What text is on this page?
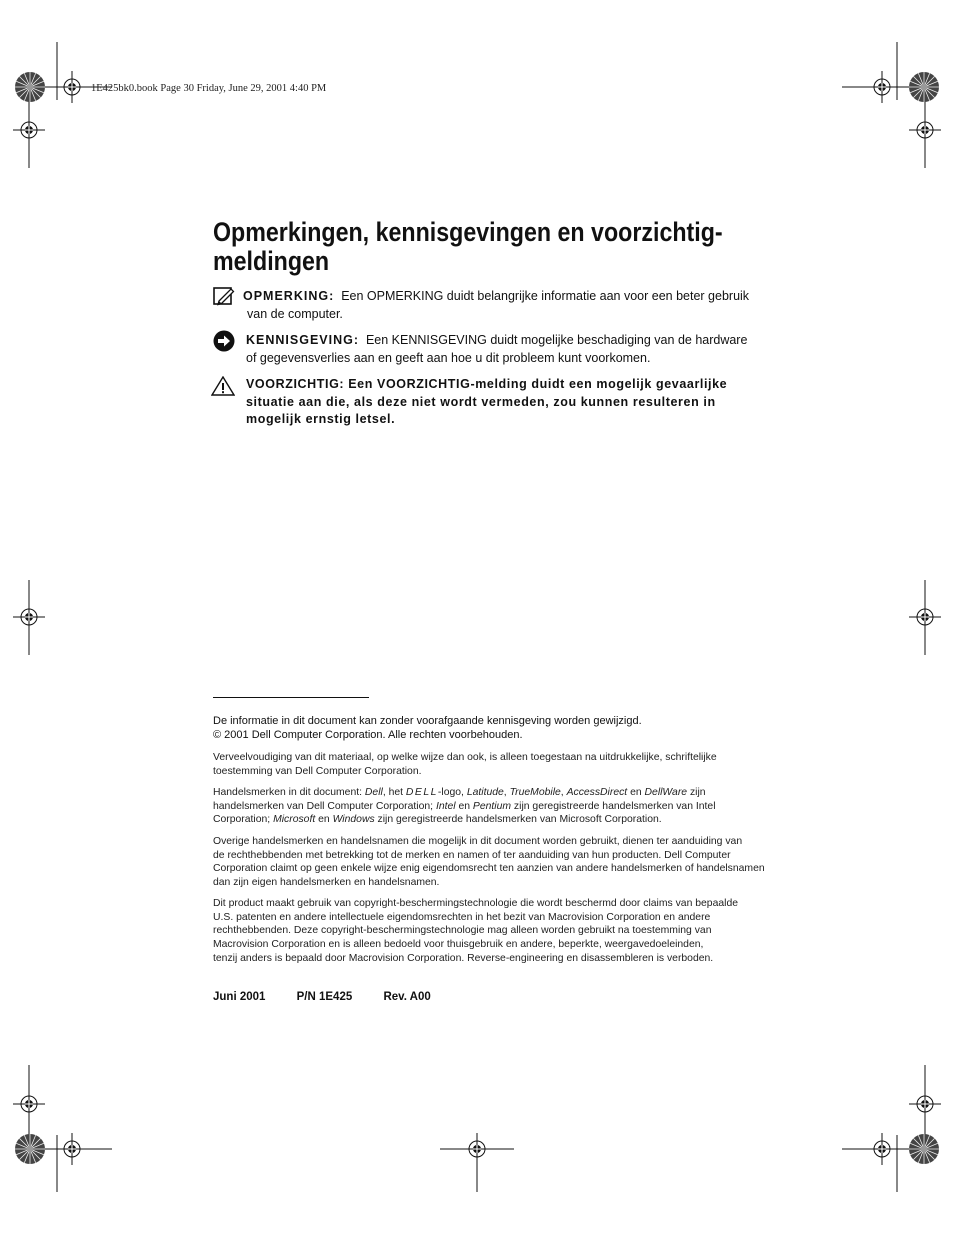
1E425bk0.book Page 30 Friday, June 29, 2001 4:40 PM
Opmerkingen, kennisgevingen en voorzichtig-
meldingen
OPMERKING: Een OPMERKING duidt belangrijke informatie aan voor een beter gebruik
van de computer.
KENNISGEVING: Een KENNISGEVING duidt mogelijke beschadiging van de hardware
of gegevensverlies aan en geeft aan hoe u dit probleem kunt voorkomen.
VOORZICHTIG: Een VOORZICHTIG-melding duidt een mogelijk gevaarlijke
situatie aan die, als deze niet wordt vermeden, zou kunnen resulteren in
mogelijk ernstig letsel.
De informatie in dit document kan zonder voorafgaande kennisgeving worden gewijzigd.
© 2001 Dell Computer Corporation. Alle rechten voorbehouden.
Verveelvoudiging van dit materiaal, op welke wijze dan ook, is alleen toegestaan na uitdrukkelijke, schriftelijke
toestemming van Dell Computer Corporation.
Handelsmerken in dit document: Dell, het DELL-logo, Latitude, TrueMobile, AccessDirect en DellWare zijn
handelsmerken van Dell Computer Corporation; Intel en Pentium zijn geregistreerde handelsmerken van Intel
Corporation; Microsoft en Windows zijn geregistreerde handelsmerken van Microsoft Corporation.
Overige handelsmerken en handelsnamen die mogelijk in dit document worden gebruikt, dienen ter aanduiding van
de rechthebbenden met betrekking tot de merken en namen of ter aanduiding van hun producten. Dell Computer
Corporation claimt op geen enkele wijze enig eigendomsrecht ten aanzien van andere handelsmerken of handelsnamen
dan zijn eigen handelsmerken en handelsnamen.
Dit product maakt gebruik van copyright-beschermingstechnologie die wordt beschermd door claims van bepaalde
U.S. patenten en andere intellectuele eigendomsrechten in het bezit van Macrovision Corporation en andere
rechthebbenden. Deze copyright-beschermingstechnologie mag alleen worden gebruikt na toestemming van
Macrovision Corporation en is alleen bedoeld voor thuisgebruik en andere, beperkte, weergavedoeleinden,
tenzij anders is bepaald door Macrovision Corporation. Reverse-engineering en disassembleren is verboden.
Juni 2001	P/N 1E425	Rev. A00
